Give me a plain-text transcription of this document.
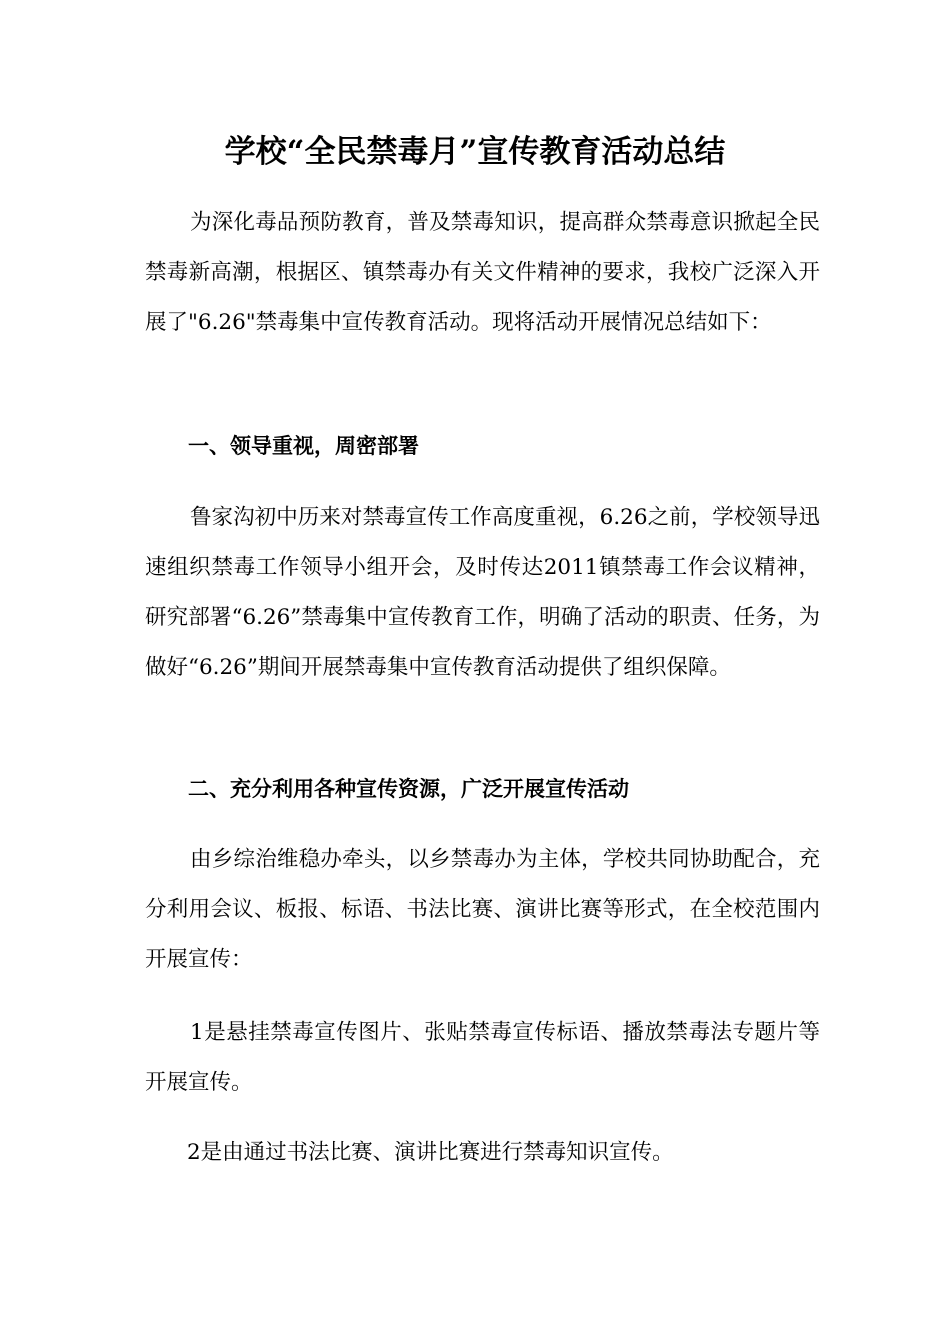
学校“全民禁毒月”宣传教育活动总结

为深化毒品预防教育，普及禁毒知识，提高群众禁毒意识掀起全民禁毒新高潮，根据区、镇禁毒办有关文件精神的要求，我校广泛深入开展了"6.26"禁毒集中宣传教育活动。现将活动开展情况总结如下：

一、领导重视，周密部署

鲁家沟初中历来对禁毒宣传工作高度重视，6.26之前，学校领导迅速组织禁毒工作领导小组开会，及时传达2011镇禁毒工作会议精神，研究部署“6.26”禁毒集中宣传教育工作，明确了活动的职责、任务，为做好“6.26”期间开展禁毒集中宣传教育活动提供了组织保障。

二、充分利用各种宣传资源，广泛开展宣传活动

由乡综治维稳办牵头，以乡禁毒办为主体，学校共同协助配合，充分利用会议、板报、标语、书法比赛、演讲比赛等形式，在全校范围内开展宣传：

1是悬挂禁毒宣传图片、张贴禁毒宣传标语、播放禁毒法专题片等开展宣传。

2是由通过书法比赛、演讲比赛进行禁毒知识宣传。
